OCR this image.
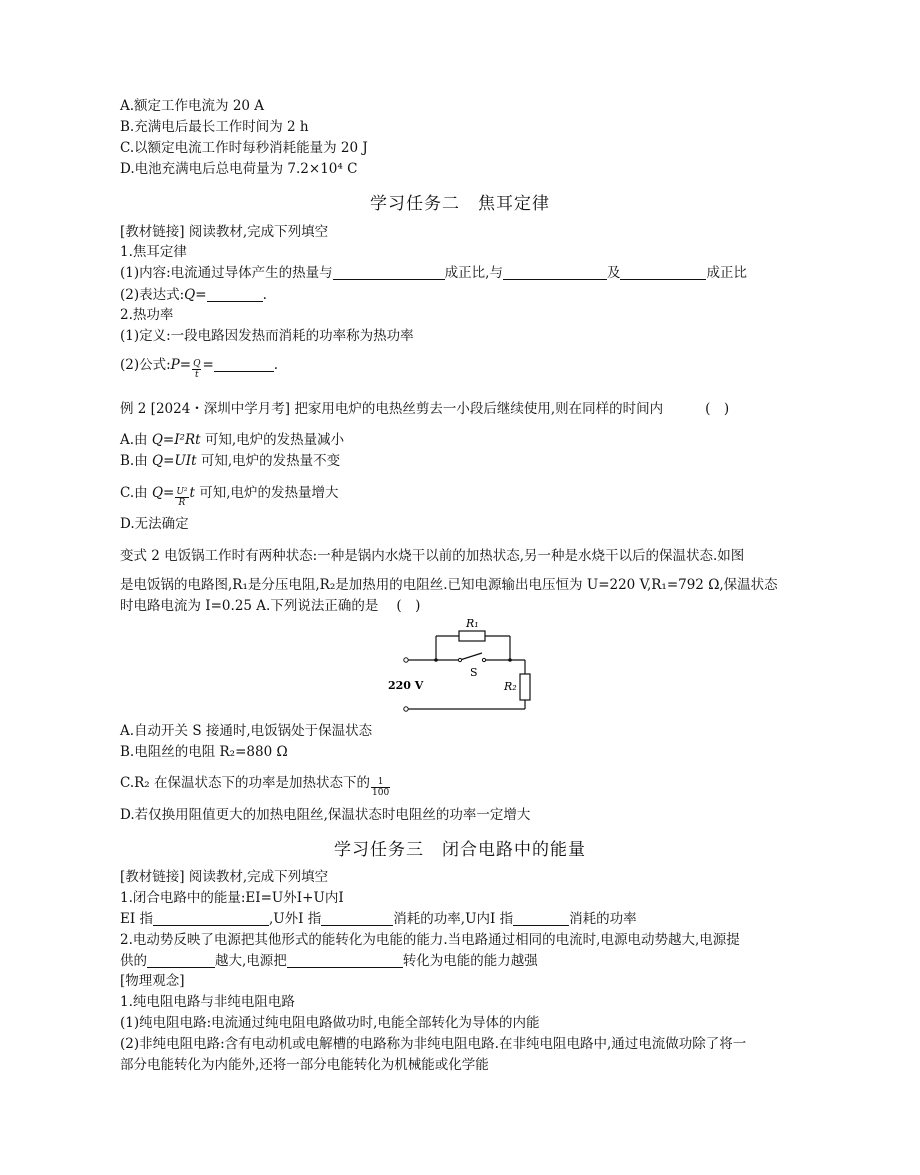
A.额定工作电流为 20 A
B.充满电后最长工作时间为 2 h
C.以额定电流工作时每秒消耗能量为 20 J
D.电池充满电后总电荷量为 7.2×10⁴ C
学习任务二　焦耳定律
[教材链接] 阅读教材,完成下列填空
1.焦耳定律
(1)内容:电流通过导体产生的热量与	成正比,与	及	成正比
(2)表达式:Q=	.
2.热功率
(1)定义:一段电路因发热而消耗的功率称为热功率
(2)公式:P= $\frac{Q}{t}$ =	.
例 2 [2024・深圳中学月考] 把家用电炉的电热丝剪去一小段后继续使用,则在同样的时间内	(　)
A.由 Q=I²Rt 可知,电炉的发热量减小
B.由 Q=UIt 可知,电炉的发热量不变
C.由 $Q= \frac{\text{U²}}{R}$ t 可知,电炉的发热量增大
D.无法确定
变式 2 电饭锅工作时有两种状态:一种是锅内水烧干以前的加热状态,另一种是水烧干以后的保温状态.如图
是电饭锅的电路图,R₁是分压电阻,R₂是加热用的电阻丝.已知电源输出电压恒为 U=220 V,R₁=792 Ω,保温状态
时电路电流为 I=0.25 A.下列说法正确的是 (　)
R₁
S
R₂
220 V
A.自动开关 S 接通时,电饭锅处于保温状态
B.电阻丝的电阻 R₂=880 Ω
C.R₂ 在保温状态下的功率是加热状态下的 $\frac{1}{100}$
D.若仅换用阻值更大的加热电阻丝,保温状态时电阻丝的功率一定增大
学习任务三　闭合电路中的能量
[教材链接] 阅读教材,完成下列填空
1.闭合电路中的能量:EI=U外I+U内I
EI 指	,U外I 指	消耗的功率,U内I 指	消耗的功率
2.电动势反映了电源把其他形式的能转化为电能的能力.当电路通过相同的电流时,电源电动势越大,电源提
供的	越大,电源把	转化为电能的能力越强
[物理观念]
1.纯电阻电路与非纯电阻电路
(1)纯电阻电路:电流通过纯电阻电路做功时,电能全部转化为导体的内能
(2)非纯电阻电路:含有电动机或电解槽的电路称为非纯电阻电路.在非纯电阻电路中,通过电流做功除了将一
部分电能转化为内能外,还将一部分电能转化为机械能或化学能
